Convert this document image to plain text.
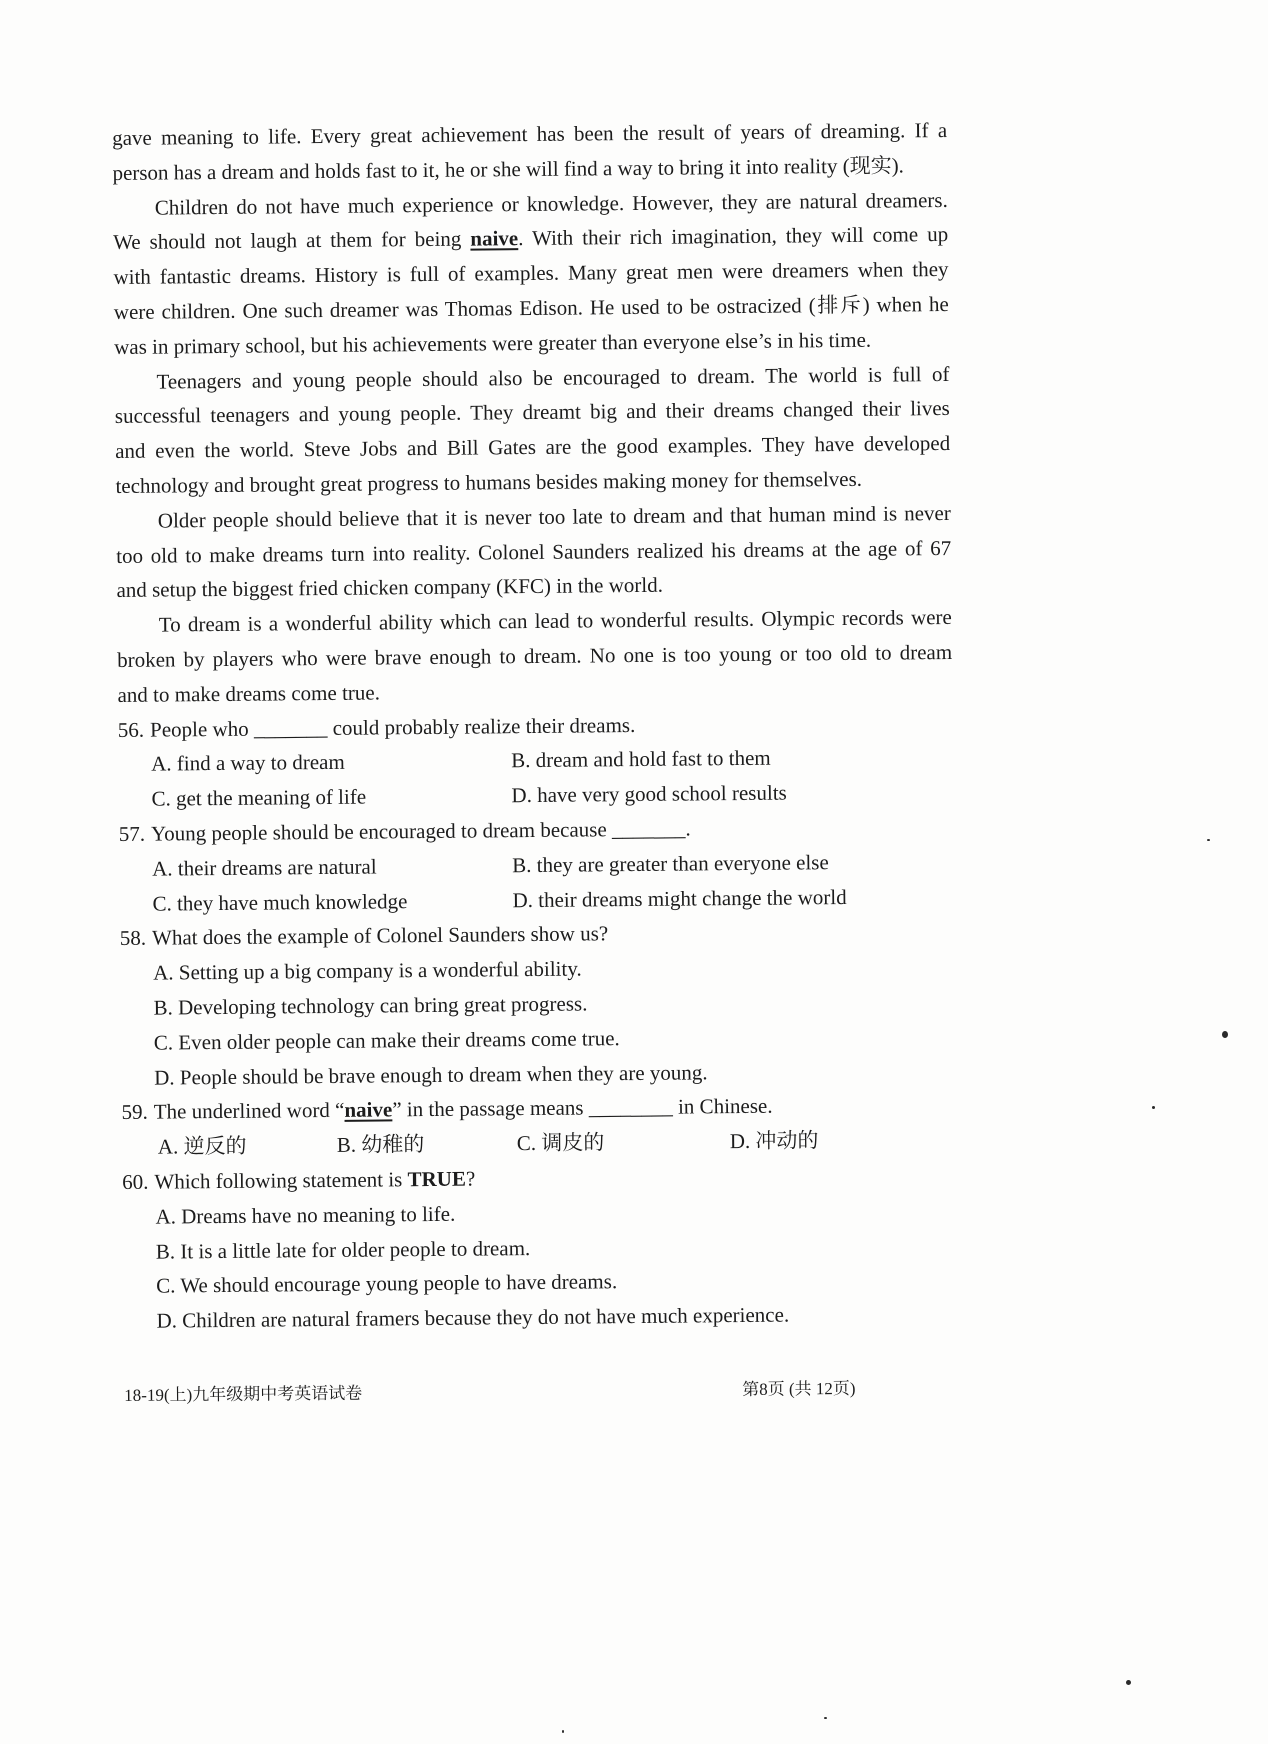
gave meaning to life. Every great achievement has been the result of years of dreaming. If a
person has a dream and holds fast to it, he or she will find a way to bring it into reality (现实).
Children do not have much experience or knowledge. However, they are natural dreamers.
We should not laugh at them for being naive. With their rich imagination, they will come up
with fantastic dreams. History is full of examples. Many great men were dreamers when they
were children. One such dreamer was Thomas Edison. He used to be ostracized (排斥) when he
was in primary school, but his achievements were greater than everyone else’s in his time.
Teenagers and young people should also be encouraged to dream. The world is full of
successful teenagers and young people. They dreamt big and their dreams changed their lives
and even the world. Steve Jobs and Bill Gates are the good examples. They have developed
technology and brought great progress to humans besides making money for themselves.
Older people should believe that it is never too late to dream and that human mind is never
too old to make dreams turn into reality. Colonel Saunders realized his dreams at the age of 67
and setup the biggest fried chicken company (KFC) in the world.
To dream is a wonderful ability which can lead to wonderful results. Olympic records were
broken by players who were brave enough to dream. No one is too young or too old to dream
and to make dreams come true.
56. People who _______ could probably realize their dreams.
A. find a way to dream	B. dream and hold fast to them
C. get the meaning of life	D. have very good school results
57. Young people should be encouraged to dream because _______.
A. their dreams are natural	B. they are greater than everyone else
C. they have much knowledge	D. their dreams might change the world
58. What does the example of Colonel Saunders show us?
A. Setting up a big company is a wonderful ability.
B. Developing technology can bring great progress.
C. Even older people can make their dreams come true.
D. People should be brave enough to dream when they are young.
59. The underlined word “naive” in the passage means ________ in Chinese.
A. 逆反的	B. 幼稚的	C. 调皮的	D. 冲动的
60. Which following statement is TRUE?
A. Dreams have no meaning to life.
B. It is a little late for older people to dream.
C. We should encourage young people to have dreams.
D. Children are natural framers because they do not have much experience.
18-19(上)九年级期中考英语试卷	第8页 (共 12页)
